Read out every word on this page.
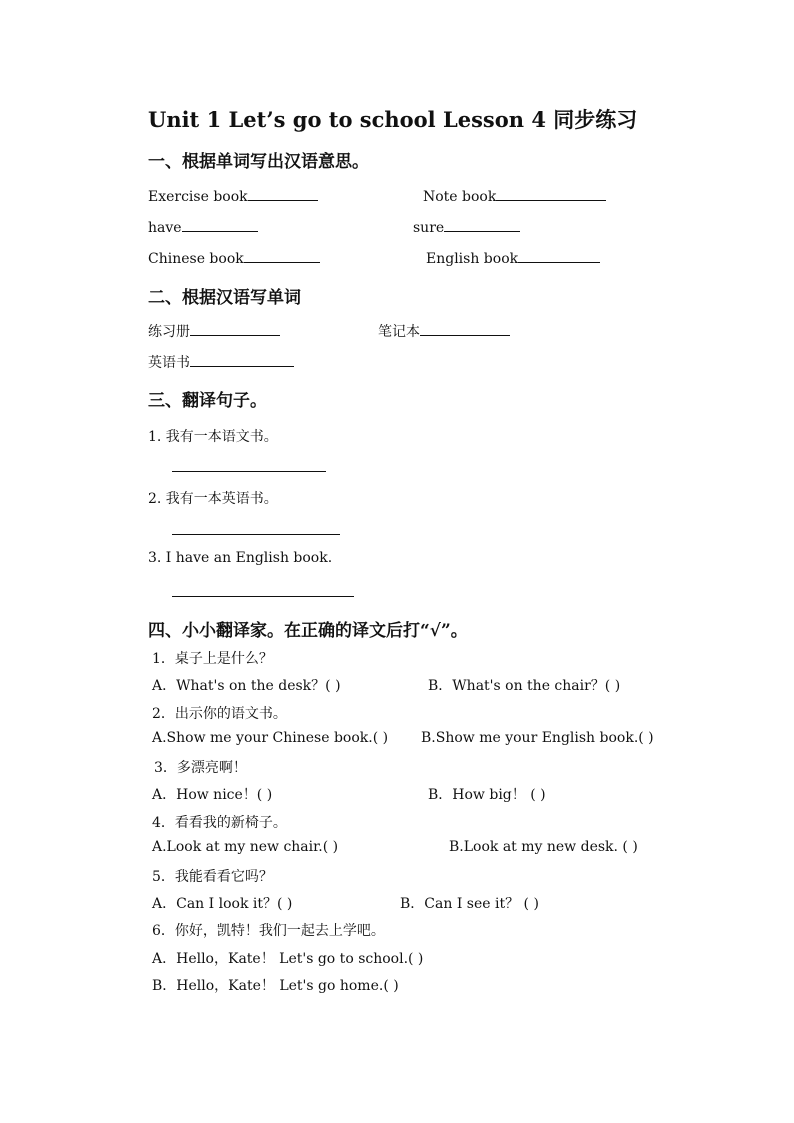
Unit 1 Let’s go to school Lesson 4 同步练习
一、根据单词写出汉语意思。
Exercise book	Note book
have	sure
Chinese book	English book
二、根据汉语写单词
练习册	笔记本
英语书
三、翻译句子。
1. 我有一本语文书。
2. 我有一本英语书。
3. I have an English book.
四、小小翻译家。在正确的译文后打“√”。
1．桌子上是什么？
A．What's on the desk？( )	B．What's on the chair？( )
2．出示你的语文书。
A.Show me your Chinese book.( ) B.Show me your English book.( )
3．多漂亮啊！
A．How nice！( )	B．How big！ ( )
4．看看我的新椅子。
A.Look at my new chair.( )	B.Look at my new desk. ( )
5．我能看看它吗？
A．Can I look it？( )	B．Can I see it？ ( )
6．你好，凯特！我们一起去上学吧。
A．Hello，Kate！ Let's go to school.( )
B．Hello，Kate！ Let's go home.( )
